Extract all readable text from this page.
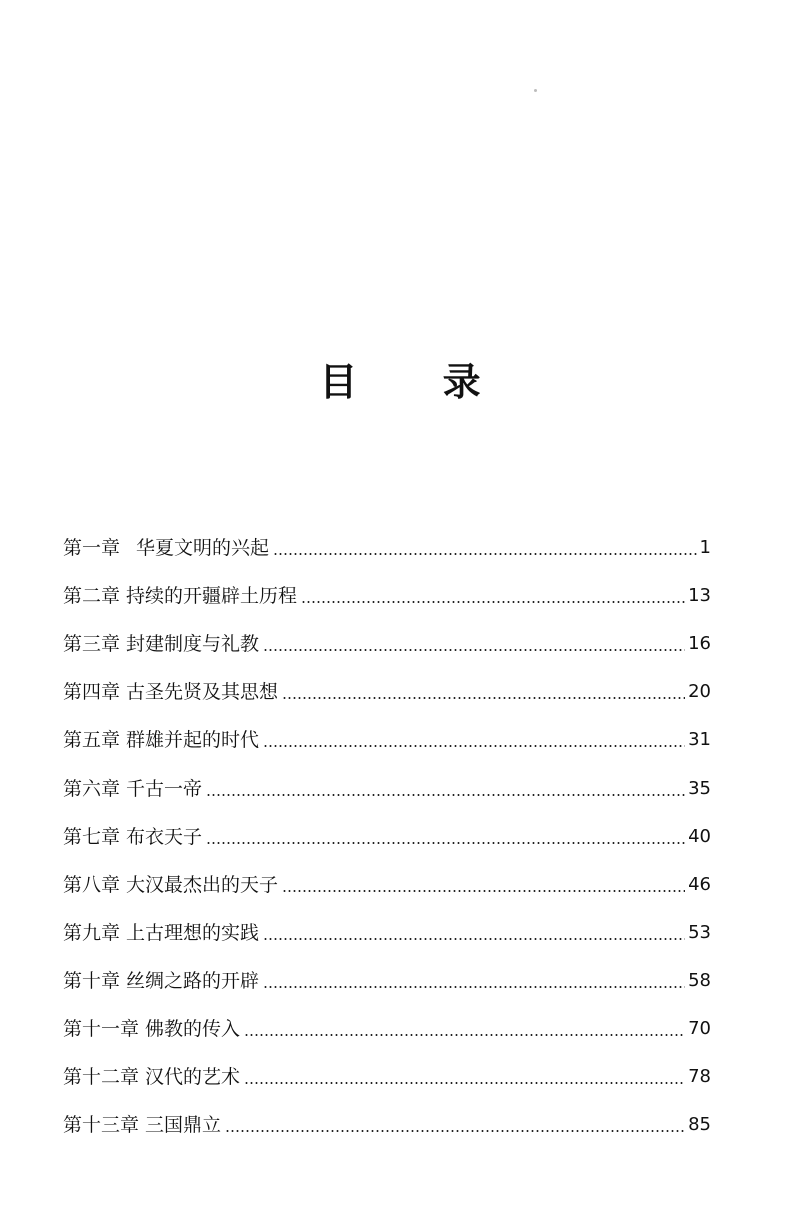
目 录
第一章 华夏文明的兴起	1
第二章 持续的开疆辟土历程	13
第三章 封建制度与礼教	16
第四章 古圣先贤及其思想	20
第五章 群雄并起的时代	31
第六章 千古一帝	35
第七章 布衣天子	40
第八章 大汉最杰出的天子	46
第九章 上古理想的实践	53
第十章 丝绸之路的开辟	58
第十一章 佛教的传入	70
第十二章 汉代的艺术	78
第十三章 三国鼎立	85
